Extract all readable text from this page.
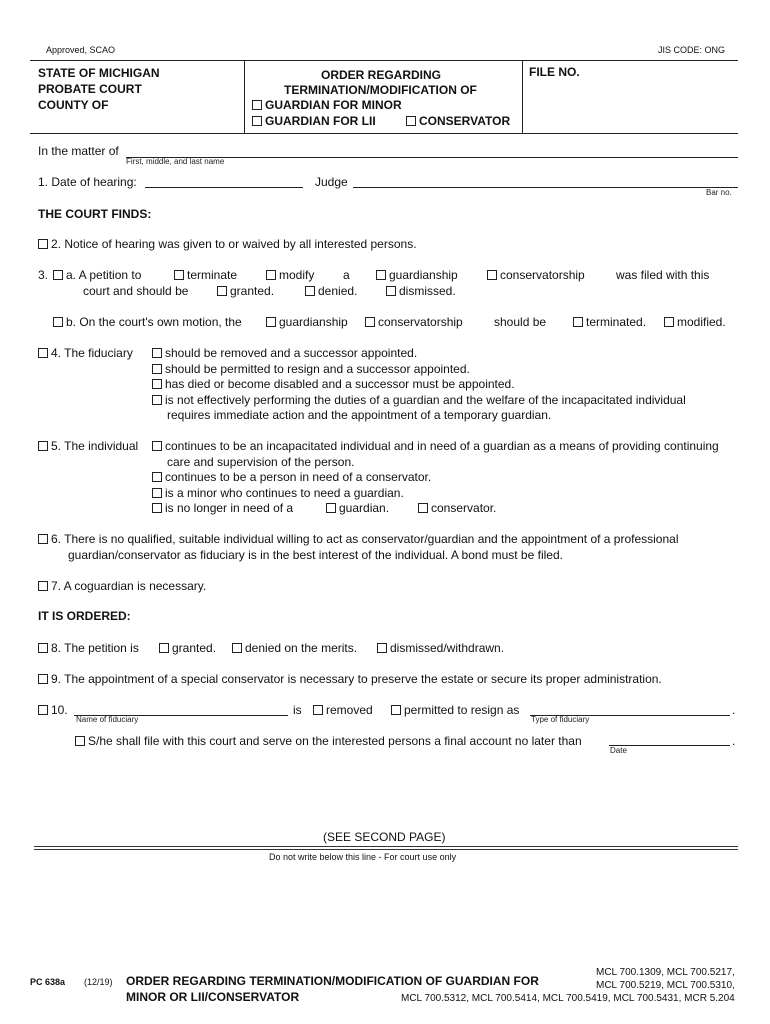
Approved, SCAO	JIS CODE: ONG
STATE OF MICHIGAN
PROBATE COURT
COUNTY OF
ORDER REGARDING
TERMINATION/MODIFICATION OF
GUARDIAN FOR MINOR
GUARDIAN FOR LII	CONSERVATOR
FILE NO.
In the matter of
First, middle, and last name
1. Date of hearing:	Judge
Bar no.
THE COURT FINDS:
2. Notice of hearing was given to or waived by all interested persons.
3.	a. A petition to	terminate	modify a	guardianship	conservatorship	was filed with this
court and should be	granted.	denied.	dismissed.
b. On the court's own motion, the	guardianship	conservatorship	should be	terminated.	modified.
4. The fiduciary	should be removed and a successor appointed.
should be permitted to resign and a successor appointed.
has died or become disabled and a successor must be appointed.
is not effectively performing the duties of a guardian and the welfare of the incapacitated individual
requires immediate action and the appointment of a temporary guardian.
5. The individual	continues to be an incapacitated individual and in need of a guardian as a means of providing continuing
care and supervision of the person.
continues to be a person in need of a conservator.
is a minor who continues to need a guardian.
is no longer in need of a	guardian.	conservator.
6. There is no qualified, suitable individual willing to act as conservator/guardian and the appointment of a professional
guardian/conservator as fiduciary is in the best interest of the individual. A bond must be filed.
7. A coguardian is necessary.
IT IS ORDERED:
8. The petition is	granted.	denied on the merits.	dismissed/withdrawn.
9. The appointment of a special conservator is necessary to preserve the estate or secure its proper administration.
10.
Name of fiduciary
is	removed	permitted to resign as
Type of fiduciary
.
S/he shall file with this court and serve on the interested persons a final account no later than
Date
.
(SEE SECOND PAGE)
Do not write below this line - For court use only
PC 638a (12/19) ORDER REGARDING TERMINATION/MODIFICATION OF GUARDIAN FOR
MINOR OR LII/CONSERVATOR
MCL 700.1309, MCL 700.5217,
MCL 700.5219, MCL 700.5310,
MCL 700.5312, MCL 700.5414, MCL 700.5419, MCL 700.5431, MCR 5.204
